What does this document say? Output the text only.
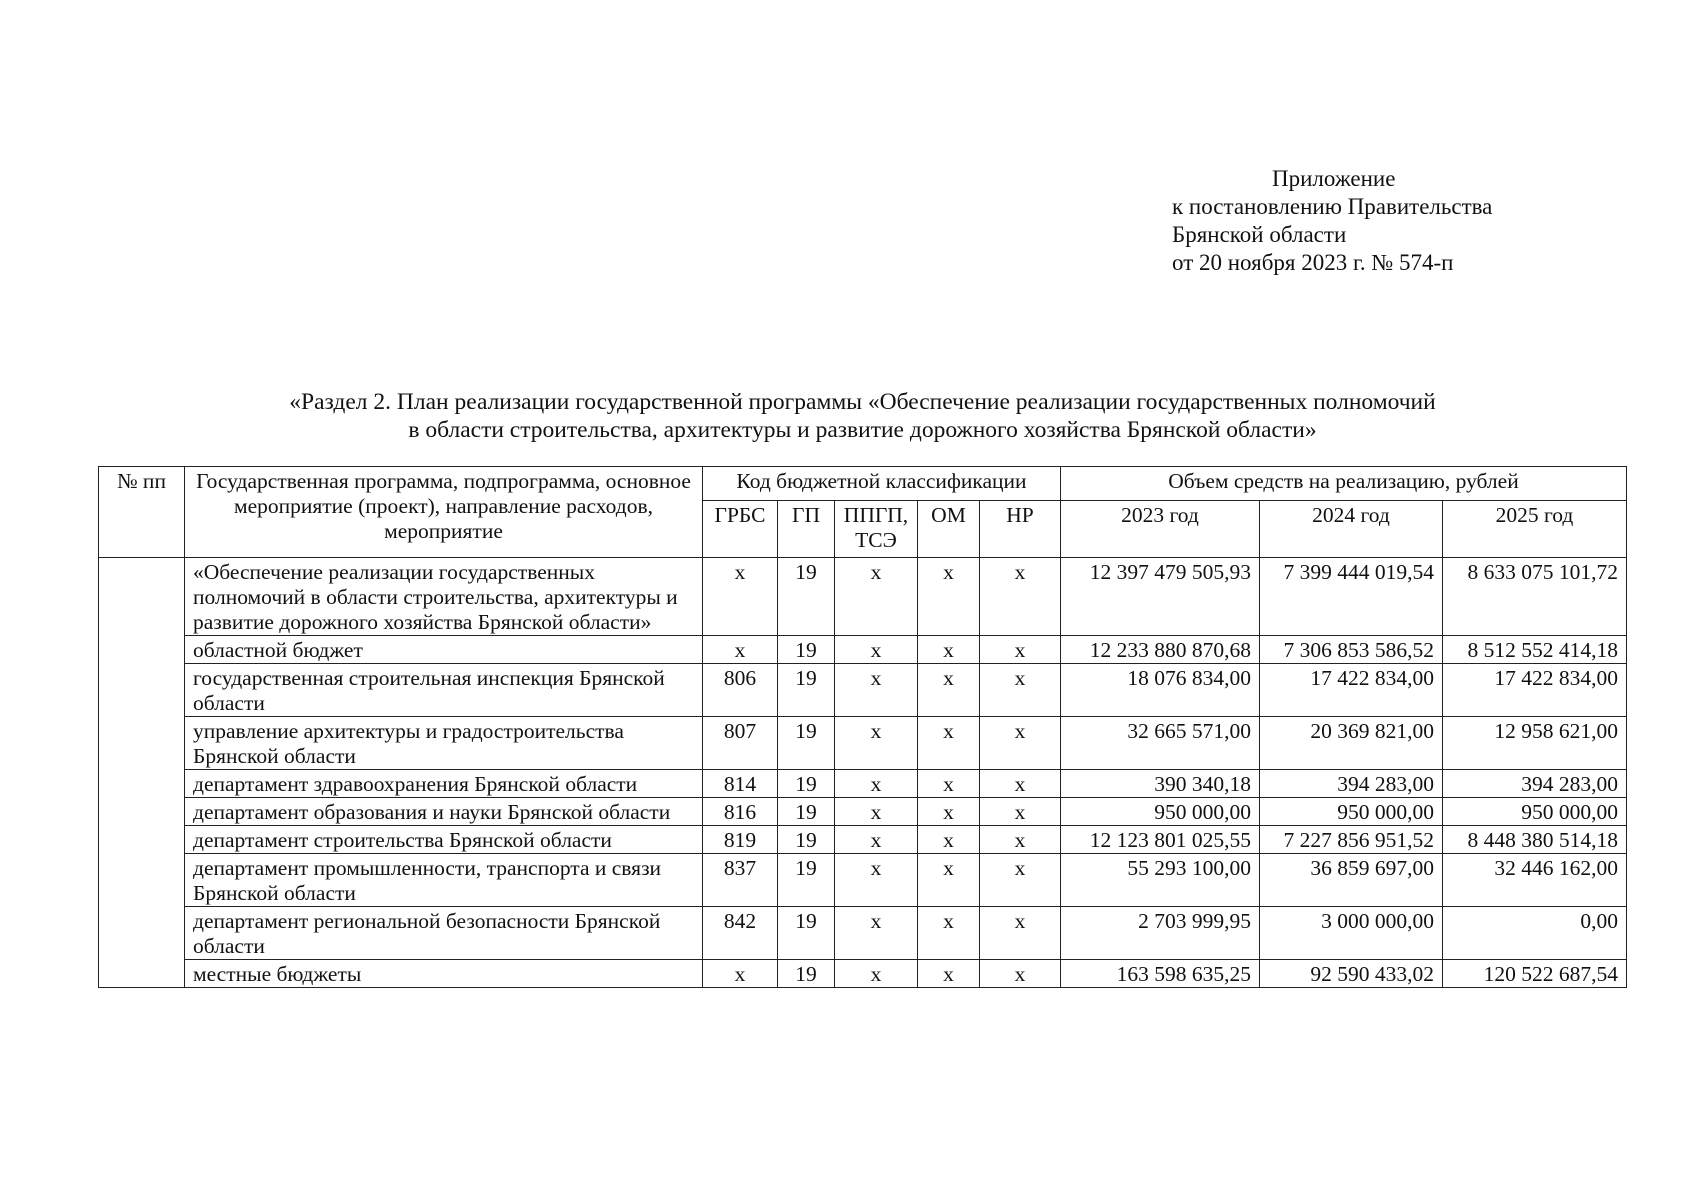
Приложение
к постановлению Правительства
Брянской области
от 20 ноября 2023 г. № 574-п
«Раздел 2. План реализации государственной программы «Обеспечение реализации государственных полномочий
в области строительства, архитектуры и развитие дорожного хозяйства Брянской области»
№ пп	Государственная программа, подпрограмма, основное мероприятие (проект), направление расходов, мероприятие	Код бюджетной классификации					Объем средств на реализацию, рублей		
		ГРБС	ГП	ППГП, ТСЭ	ОМ	НР	2023 год	2024 год	2025 год
	«Обеспечение реализации государственных полномочий в области строительства, архитектуры и развитие дорожного хозяйства Брянской области»	х	19	х	х	х	12 397 479 505,93	7 399 444 019,54	8 633 075 101,72
	областной бюджет	х	19	х	х	х	12 233 880 870,68	7 306 853 586,52	8 512 552 414,18
	государственная строительная инспекция Брянской области	806	19	х	х	х	18 076 834,00	17 422 834,00	17 422 834,00
	управление архитектуры и градостроительства Брянской области	807	19	х	х	х	32 665 571,00	20 369 821,00	12 958 621,00
	департамент здравоохранения Брянской области	814	19	х	х	х	390 340,18	394 283,00	394 283,00
	департамент образования и науки Брянской области	816	19	х	х	х	950 000,00	950 000,00	950 000,00
	департамент строительства Брянской области	819	19	х	х	х	12 123 801 025,55	7 227 856 951,52	8 448 380 514,18
	департамент промышленности, транспорта и связи Брянской области	837	19	х	х	х	55 293 100,00	36 859 697,00	32 446 162,00
	департамент региональной безопасности Брянской области	842	19	х	х	х	2 703 999,95	3 000 000,00	0,00
	местные бюджеты	х	19	х	х	х	163 598 635,25	92 590 433,02	120 522 687,54
